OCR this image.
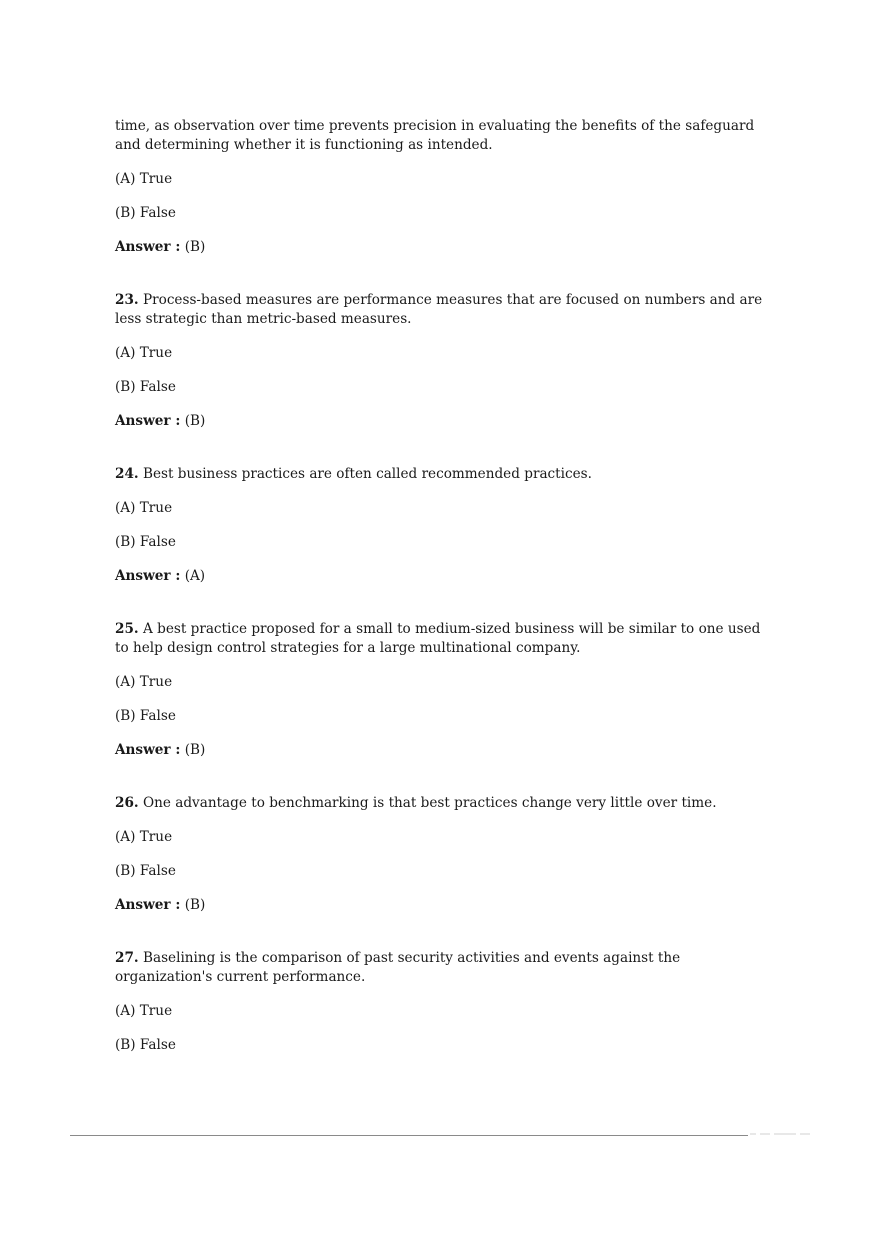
time, as observation over time prevents precision in evaluating the benefits of the safeguard and determining whether it is functioning as intended.

(A) True

(B) False

Answer : (B)

23. Process-based measures are performance measures that are focused on numbers and are less strategic than metric-based measures.

(A) True

(B) False

Answer : (B)

24. Best business practices are often called recommended practices.

(A) True

(B) False

Answer : (A)

25. A best practice proposed for a small to medium-sized business will be similar to one used to help design control strategies for a large multinational company.

(A) True

(B) False

Answer : (B)

26. One advantage to benchmarking is that best practices change very little over time.

(A) True

(B) False

Answer : (B)

27. Baselining is the comparison of past security activities and events against the
organization's current performance.

(A) True

(B) False
